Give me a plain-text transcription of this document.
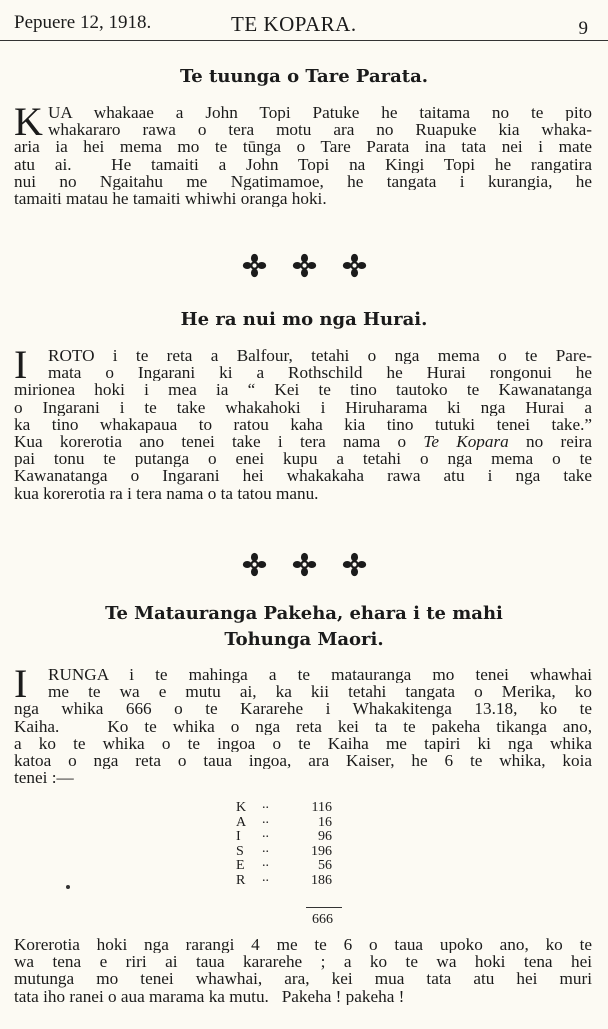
Pepuere 12, 1918.	TE KOPARA.	9
Te tuunga o Tare Parata.
K UA whakaae a John Topi Patuke he taitama no te pito
whakararo rawa o tera motu ara no Ruapuke kia whaka-
aria ia hei mema mo te tūnga o Tare Parata ina tata nei i mate
atu ai.  He tamaiti a John Topi na Kingi Topi he rangatira
nui no Ngaitahu me Ngatimamoe, he tangata i kurangia, he
tamaiti matau he tamaiti whiwhi oranga hoki.
He ra nui mo nga Hurai.
I	ROTO i te reta a Balfour, tetahi o nga mema o te Pare-
mata o Ingarani ki a Rothschild he Hurai rongonui he
mirionea hoki i mea ia “ Kei te tino tautoko te Kawanatanga
o Ingarani i te take whakahoki i Hiruharama ki nga Hurai a
ka tino whakapaua to ratou kaha kia tino tutuki tenei take.”
Kua korerotia ano tenei take i tera nama o Te Kopara no reira
pai tonu te putanga o enei kupu a tetahi o nga mema o te
Kawanatanga o Ingarani hei whakakaha rawa atu i nga take
kua korerotia ra i tera nama o ta tatou manu.
Te Matauranga Pakeha, ehara i te mahi
Tohunga Maori.
I	RUNGA i te mahinga a te matauranga mo tenei whawhai
me te wa e mutu ai, ka kii tetahi tangata o Merika, ko
nga whika 666 o te Kararehe i Whakakitenga 13.18, ko te
Kaiha.   Ko te whika o nga reta kei ta te pakeha tikanga ano,
a ko te whika o te ingoa o te Kaiha me tapiri ki nga whika
katoa o nga reta o taua ingoa, ara Kaiser, he 6 te whika, koia
tenei :—
K ..	116
A ..	16
I ..	96
S ..	196
E ..	56
R ..	186
666
Korerotia hoki nga rarangi 4 me te 6 o taua upoko ano, ko te
wa tena e riri ai taua kararehe ; a ko te wa hoki tena hei
mutunga mo tenei whawhai, ara, kei mua tata atu hei muri
tata iho ranei o aua marama ka mutu.   Pakeha ! pakeha !
